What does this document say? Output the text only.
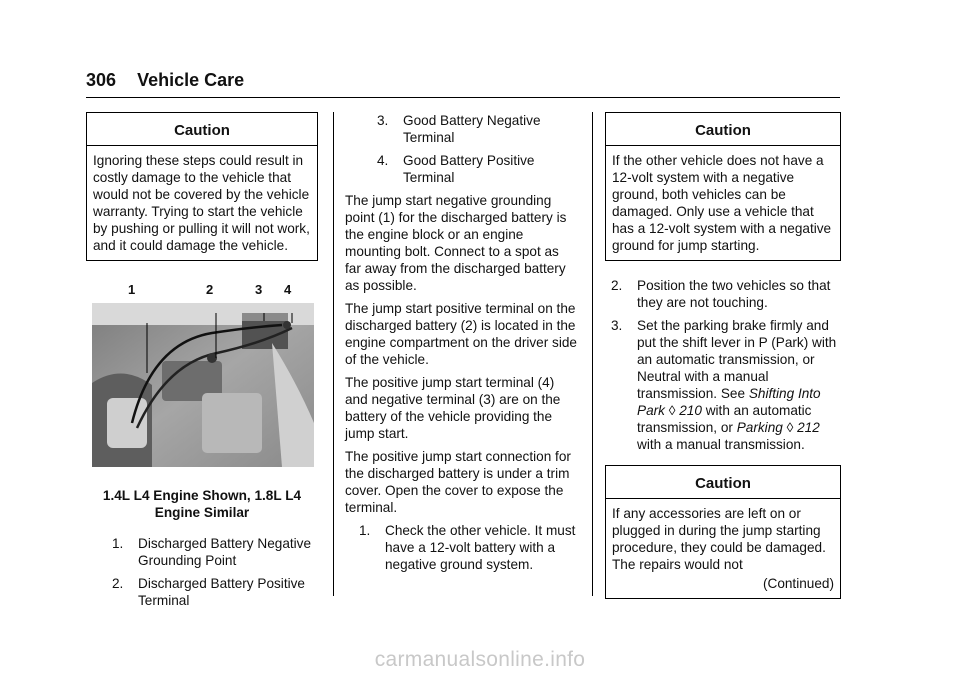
306 Vehicle Care
Caution
Ignoring these steps could result in costly damage to the vehicle that would not be covered by the vehicle warranty. Trying to start the vehicle by pushing or pulling it will not work, and it could damage the vehicle.
1	2	3 4
1.4L L4 Engine Shown, 1.8L L4 Engine Similar
1.	Discharged Battery Negative Grounding Point
2.	Discharged Battery Positive Terminal
3.	Good Battery Negative Terminal
4.	Good Battery Positive Terminal

The jump start negative grounding point (1) for the discharged battery is the engine block or an engine mounting bolt. Connect to a spot as far away from the discharged battery as possible.

The jump start positive terminal on the discharged battery (2) is located in the engine compartment on the driver side of the vehicle.

The positive jump start terminal (4) and negative terminal (3) are on the battery of the vehicle providing the jump start.

The positive jump start connection for the discharged battery is under a trim cover. Open the cover to expose the terminal.

1.	Check the other vehicle. It must have a 12-volt battery with a negative ground system.
Caution
If the other vehicle does not have a 12-volt system with a negative ground, both vehicles can be damaged. Only use a vehicle that has a 12-volt system with a negative ground for jump starting.
2.	Position the two vehicles so that they are not touching.
3.	Set the parking brake firmly and put the shift lever in P (Park) with an automatic transmission, or Neutral with a manual transmission. See Shifting Into Park ◊ 210 with an automatic transmission, or Parking ◊ 212 with a manual transmission.
Caution
If any accessories are left on or plugged in during the jump starting procedure, they could be damaged. The repairs would not
(Continued)
carmanualsonline.info
